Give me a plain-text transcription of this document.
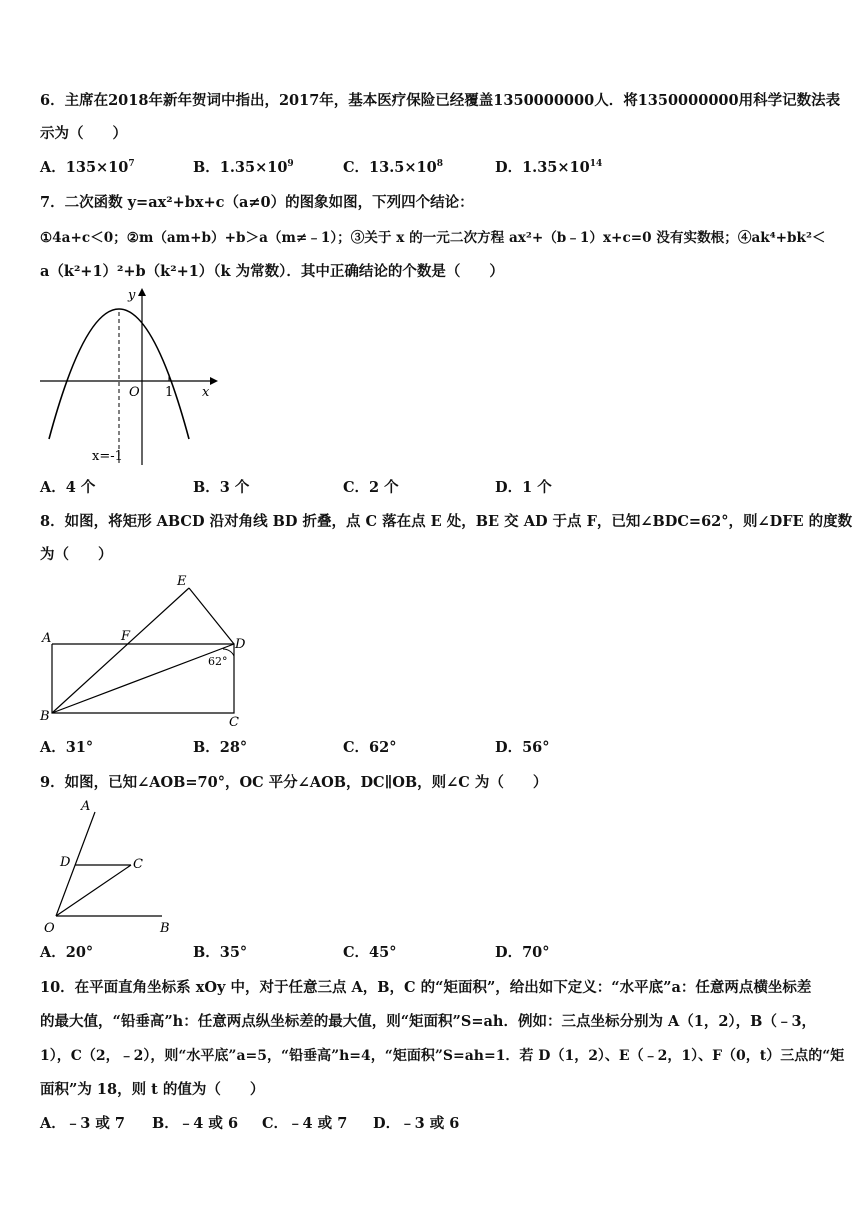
6．主席在2018年新年贺词中指出，2017年，基本医疗保险已经覆盖1350000000人．将1350000000用科学记数法表
示为（　　）
A．$135\times 10^7$	B．$1.35\times 10^9$	C．$13.5\times 10^8$	D．$1.35\times 10^{14}$
7．二次函数 y=ax²+bx+c（a≠0）的图象如图，下列四个结论：
①4a+c＜0；②m（am+b）+b＞a（m≠﹣1）；③关于 x 的一元二次方程 ax²+（b﹣1）x+c=0 没有实数根；④ak⁴+bk²＜
a（k²+1）²+b（k²+1）（k 为常数）．其中正确结论的个数是（　　）
y
x
O 1
x=-1
A．4 个	B．3 个	C．2 个	D．1 个
8．如图，将矩形 ABCD 沿对角线 BD 折叠，点 C 落在点 E 处，BE 交 AD 于点 F，已知∠BDC=62°，则∠DFE 的度数
为（　　）
E
A	F
D
B	C
62°
A．31°	B．28°	C．62°	D．56°
9．如图，已知∠AOB=70°，OC 平分∠AOB，DC∥OB，则∠C 为（　　）
A
D	C
O	B
A．20°	B．35°	C．45°	D．70°
10．在平面直角坐标系 xOy 中，对于任意三点 A，B，C 的“矩面积”，给出如下定义：“水平底”a：任意两点横坐标差
的最大值，“铅垂高”h：任意两点纵坐标差的最大值，则“矩面积”S=ah．例如：三点坐标分别为 A（1，2），B（﹣3，
1），C（2，﹣2），则“水平底”a=5，“铅垂高”h=4，“矩面积”S=ah=1．若 D（1，2）、E（﹣2，1）、F（0，t）三点的“矩
面积”为 18，则 t 的值为（　　）
A．﹣3 或 7 B．﹣4 或 6 C．﹣4 或 7 D．﹣3 或 6
